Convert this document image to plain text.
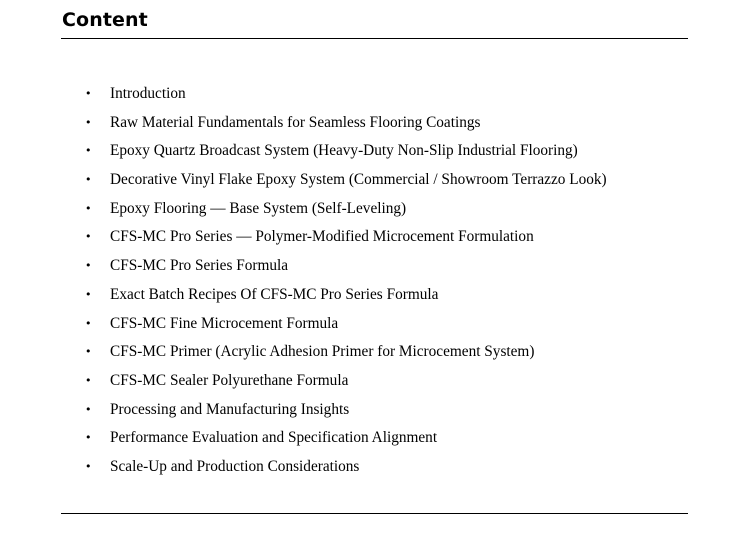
Content
• Introduction
• Raw Material Fundamentals for Seamless Flooring Coatings
• Epoxy Quartz Broadcast System (Heavy-Duty Non-Slip Industrial Flooring)
• Decorative Vinyl Flake Epoxy System (Commercial / Showroom Terrazzo Look)
• Epoxy Flooring — Base System (Self-Leveling)
• CFS-MC Pro Series — Polymer-Modified Microcement Formulation
• CFS-MC Pro Series Formula
• Exact Batch Recipes Of CFS-MC Pro Series Formula
• CFS-MC Fine Microcement Formula
• CFS-MC Primer (Acrylic Adhesion Primer for Microcement System)
• CFS-MC Sealer Polyurethane Formula
• Processing and Manufacturing Insights
• Performance Evaluation and Specification Alignment
• Scale-Up and Production Considerations
